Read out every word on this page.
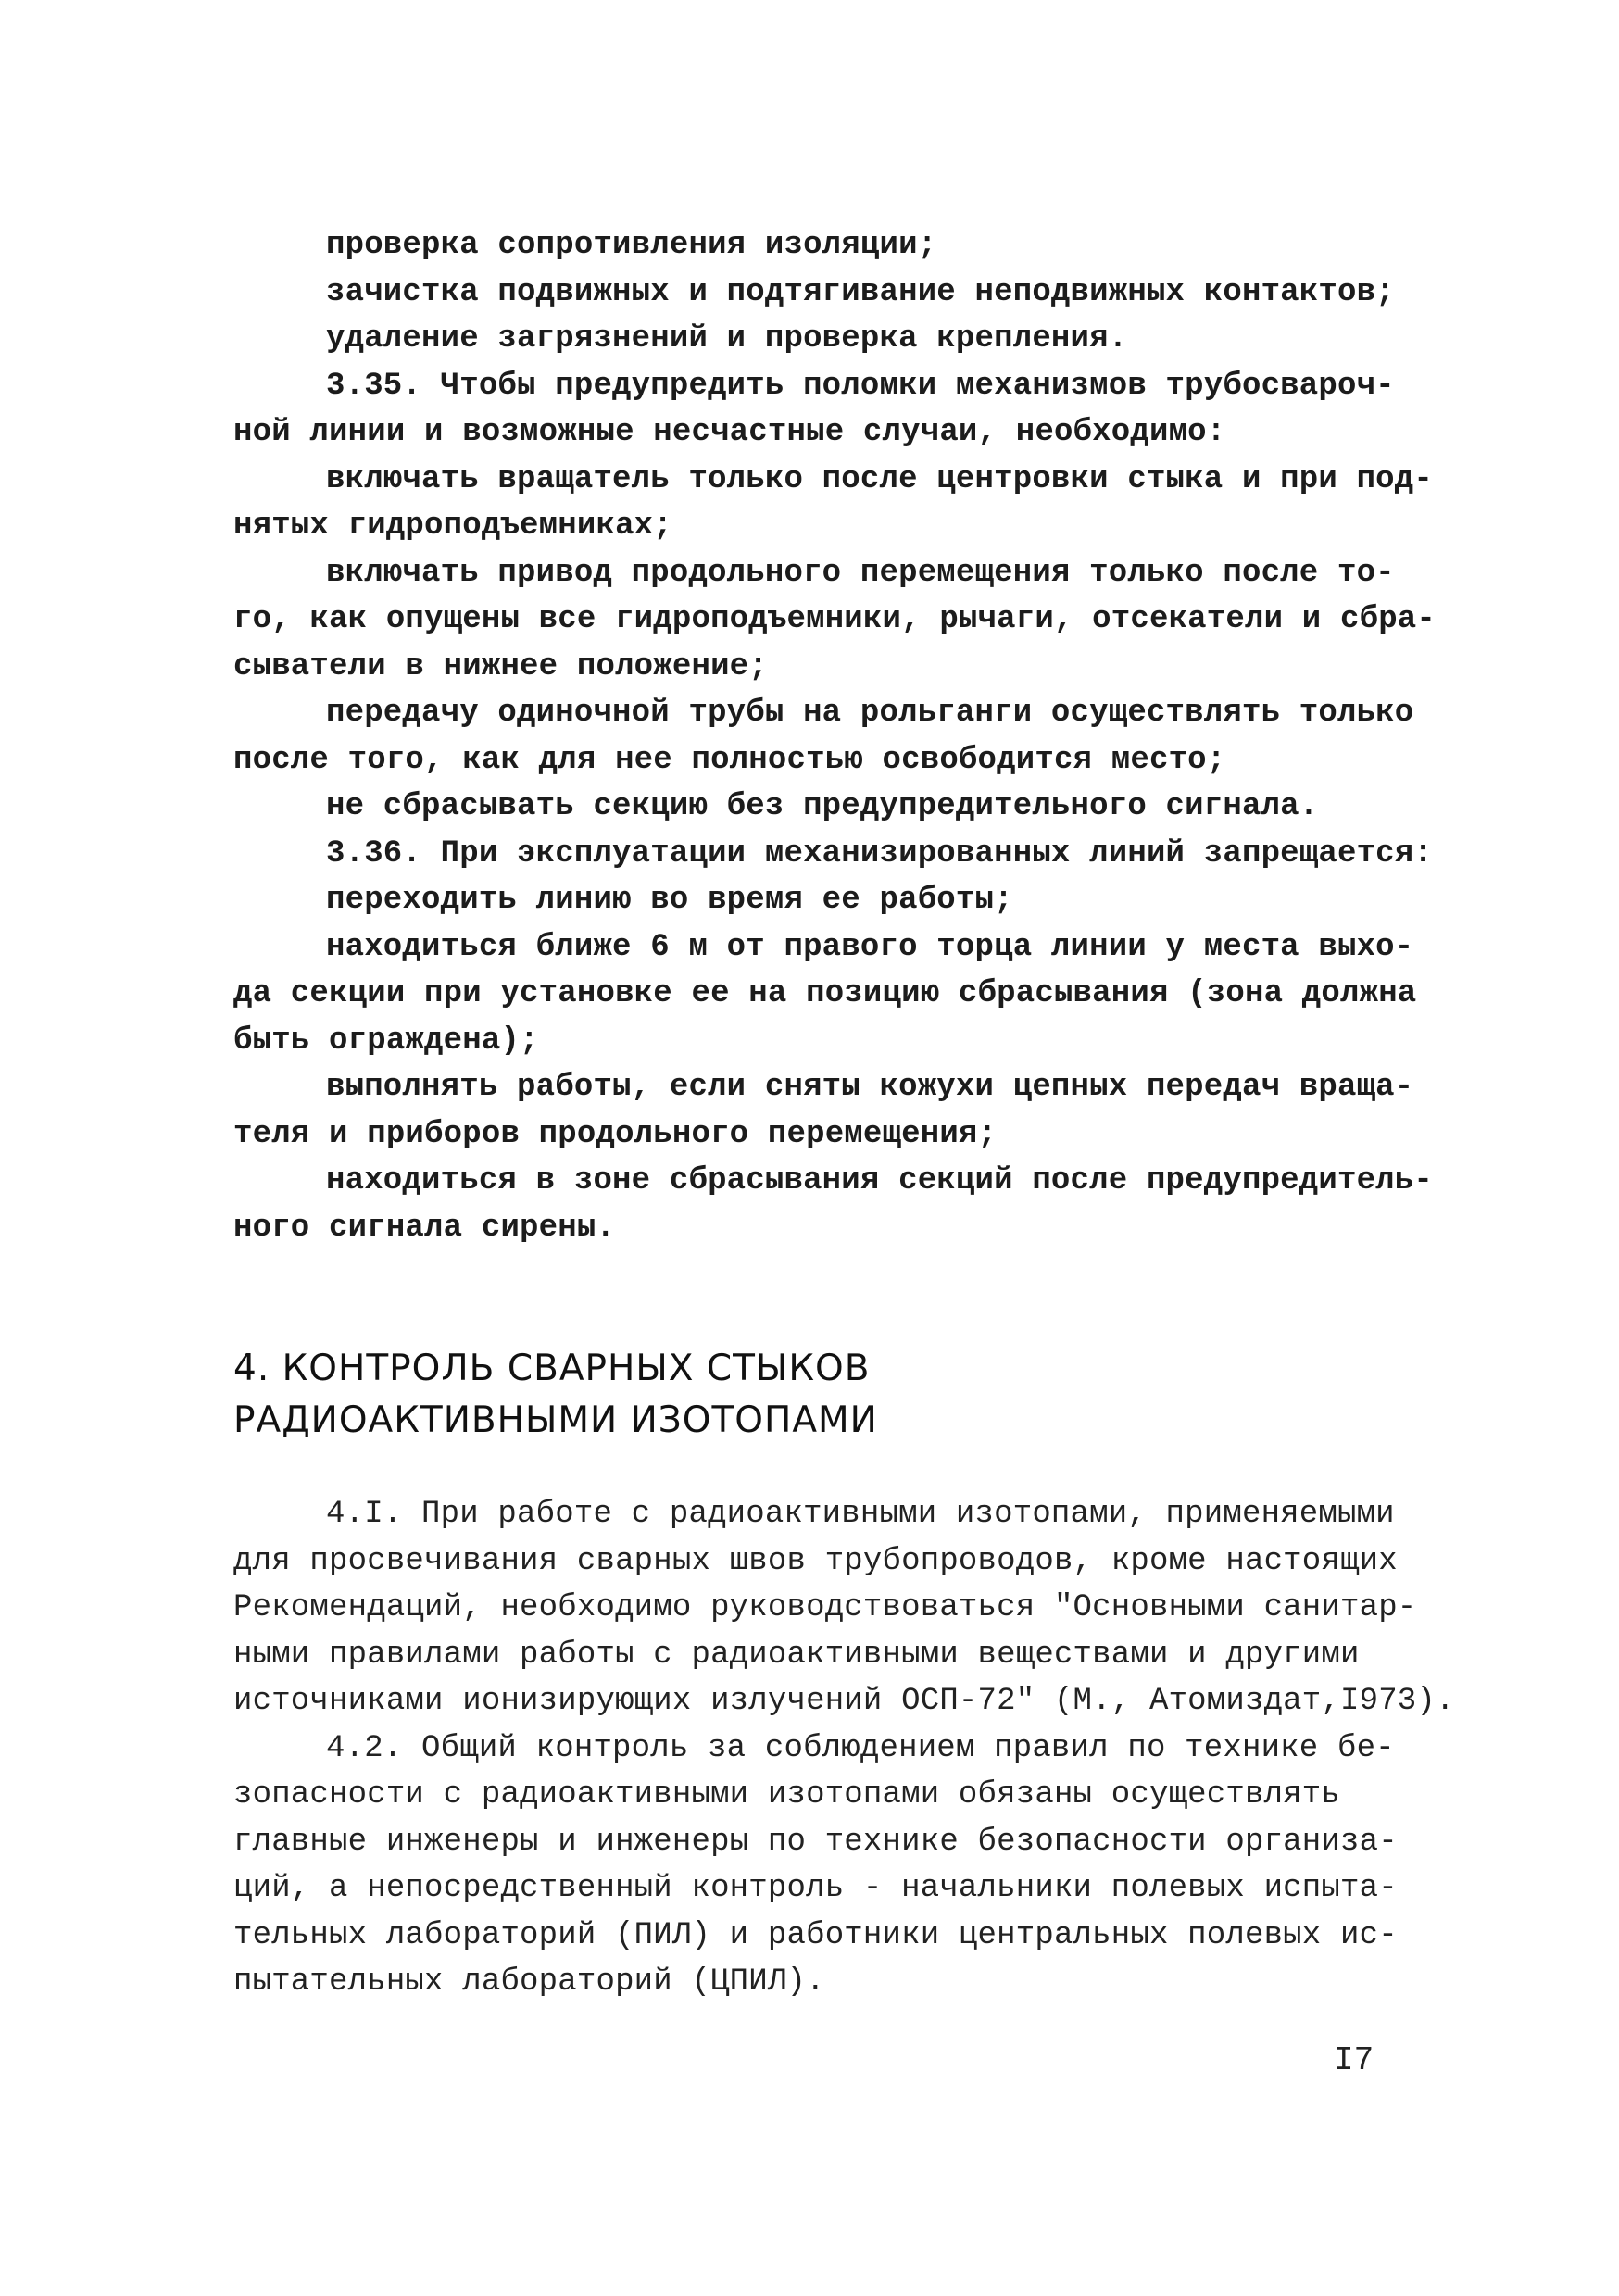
проверка сопротивления изоляции;
зачистка подвижных и подтягивание неподвижных контактов;
удаление загрязнений и проверка крепления.
3.35. Чтобы предупредить поломки механизмов трубосвароч-
ной линии и возможные несчастные случаи, необходимо:
включать вращатель только после центровки стыка и при под-
нятых гидроподъемниках;
включать привод продольного перемещения только после то-
го, как опущены все гидроподъемники, рычаги, отсекатели и сбра-
сыватели в нижнее положение;
передачу одиночной трубы на рольганги осуществлять только
после того, как для нее полностью освободится место;
не сбрасывать секцию без предупредительного сигнала.
3.36. При эксплуатации механизированных линий запрещается:
переходить линию во время ее работы;
находиться ближе 6 м от правого торца линии у места выхо-
да секции при установке ее на позицию сбрасывания (зона должна
быть ограждена);
выполнять работы, если сняты кожухи цепных передач враща-
теля и приборов продольного перемещения;
находиться в зоне сбрасывания секций после предупредитель-
ного сигнала сирены.
4. КОНТРОЛЬ СВАРНЫХ СТЫКОВ
РАДИОАКТИВНЫМИ ИЗОТОПАМИ
4.I. При работе с радиоактивными изотопами, применяемыми
для просвечивания сварных швов трубопроводов, кроме настоящих
Рекомендаций, необходимо руководствоваться "Основными санитар-
ными правилами работы с радиоактивными веществами и другими
источниками ионизирующих излучений ОСП-72" (М., Атомиздат,I973).
4.2. Общий контроль за соблюдением правил по технике бе-
зопасности с радиоактивными изотопами обязаны осуществлять
главные инженеры и инженеры по технике безопасности организа-
ций, а непосредственный контроль - начальники полевых испыта-
тельных лабораторий (ПИЛ) и работники центральных полевых ис-
пытательных лабораторий (ЦПИЛ).
I7
